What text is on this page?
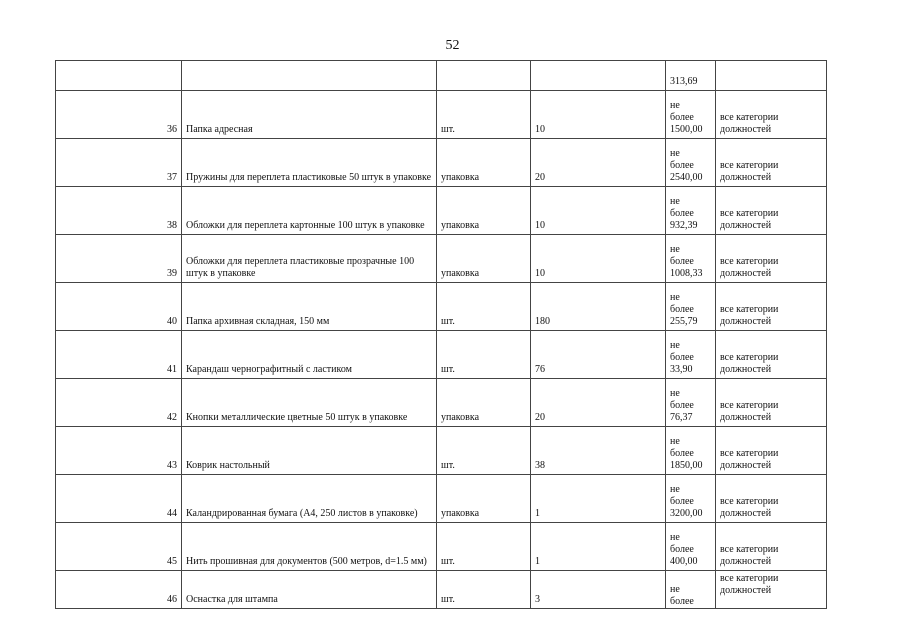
52

				313,69	

36	Папка адресная	шт.	10	не
более
1500,00	все категории должностей
37	Пружины для переплета пластиковые 50 штук в упаковке	упаковка	20	не
более
2540,00	все категории должностей
38	Обложки для переплета картонные 100 штук в упаковке	упаковка	10	не
более
932,39	все категории должностей
39	Обложки для переплета пластиковые прозрачные 100 штук в упаковке	упаковка	10	не
более
1008,33	все категории должностей
40	Папка архивная складная, 150 мм	шт.	180	не
более
255,79	все категории должностей
41	Карандаш чернографитный с ластиком	шт.	76	не
более
33,90	все категории должностей
42	Кнопки металлические цветные 50 штук в упаковке	упаковка	20	не
более
76,37	все категории должностей
43	Коврик настольный	шт.	38	не
более
1850,00	все категории должностей
44	Каландрированная бумага (А4, 250 листов в упаковке)	упаковка	1	не
более
3200,00	все категории должностей
45	Нить прошивная для документов (500 метров, d=1.5 мм)	шт.	1	не
более
400,00	все категории должностей
46	Оснастка для штампа	шт.	3	не
более	все категории должностей
